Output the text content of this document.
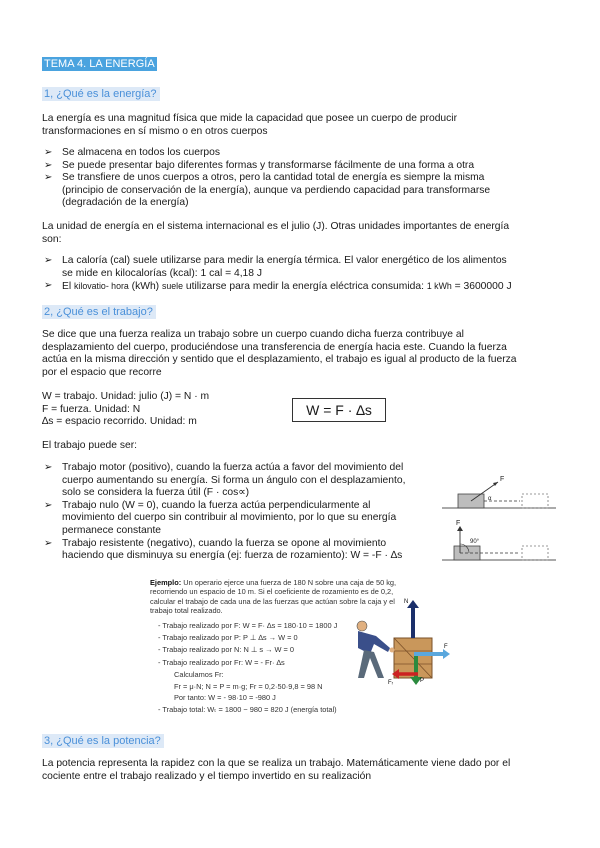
TEMA 4. LA ENERGÍA
1, ¿Qué es la energía?
La energía es una magnitud física que mide la capacidad que posee un cuerpo de producir
transformaciones en sí mismo o en otros cuerpos
➢ Se almacena en todos los cuerpos
➢ Se puede presentar bajo diferentes formas y transformarse fácilmente de una forma a otra
➢ Se transfiere de unos cuerpos a otros, pero la cantidad total de energía es siempre la misma
(principio de conservación de la energía), aunque va perdiendo capacidad para transformarse
(degradación de la energía)
La unidad de energía en el sistema internacional es el julio (J). Otras unidades importantes de energía
son:
➢ La caloría (cal) suele utilizarse para medir la energía térmica. El valor energético de los alimentos
se mide en kilocalorías (kcal): 1 cal = 4,18 J
➢ El kilovatio- hora (kWh) suele utilizarse para medir la energía eléctrica consumida: 1 kWh = 3600000 J
2, ¿Qué es el trabajo?
Se dice que una fuerza realiza un trabajo sobre un cuerpo cuando dicha fuerza contribuye al
desplazamiento del cuerpo, produciéndose una transferencia de energía hacia este. Cuando la fuerza
actúa en la misma dirección y sentido que el desplazamiento, el trabajo es igual al producto de la fuerza
por el espacio que recorre
W = trabajo. Unidad: julio (J) = N · m
F = fuerza. Unidad: N
∆s = espacio recorrido. Unidad: m
W = F · ∆s
El trabajo puede ser:
➢ Trabajo motor (positivo), cuando la fuerza actúa a favor del movimiento del
cuerpo aumentando su energía. Si forma un ángulo con el desplazamiento,
solo se considera la fuerza útil (F · cos∝)
➢ Trabajo nulo (W = 0), cuando la fuerza actúa perpendicularmente al
movimiento del cuerpo sin contribuir al movimiento, por lo que su energía
permanece constante
➢ Trabajo resistente (negativo), cuando la fuerza se opone al movimiento
haciendo que disminuya su energía (ej: fuerza de rozamiento): W = -F · ∆s
F
α
F
90°
Ejemplo: Un operario ejerce una fuerza de 180 N sobre una caja de 50 kg,
recorriendo un espacio de 10 m. Si el coeficiente de rozamiento es de 0,2,
calcular el trabajo de cada una de las fuerzas que actúan sobre la caja y el
trabajo total realizado.
- Trabajo realizado por F: W = F· ∆s = 180·10 = 1800 J
- Trabajo realizado por P: P ⊥ ∆s → W = 0
- Trabajo realizado por N: N ⊥ s → W = 0
- Trabajo realizado por Fr: W = - Fr· ∆s
Calculamos Fr:
Fr = μ·N; N = P = m·g; Fr = 0,2·50·9,8 = 98 N
Por tanto: W = - 98·10 = -980 J
- Trabajo total: Wₜ = 1800 − 980 = 820 J (energía total)
N
F
P
Fᵣ
3, ¿Qué es la potencia?
La potencia representa la rapidez con la que se realiza un trabajo. Matemáticamente viene dado por el
cociente entre el trabajo realizado y el tiempo invertido en su realización
